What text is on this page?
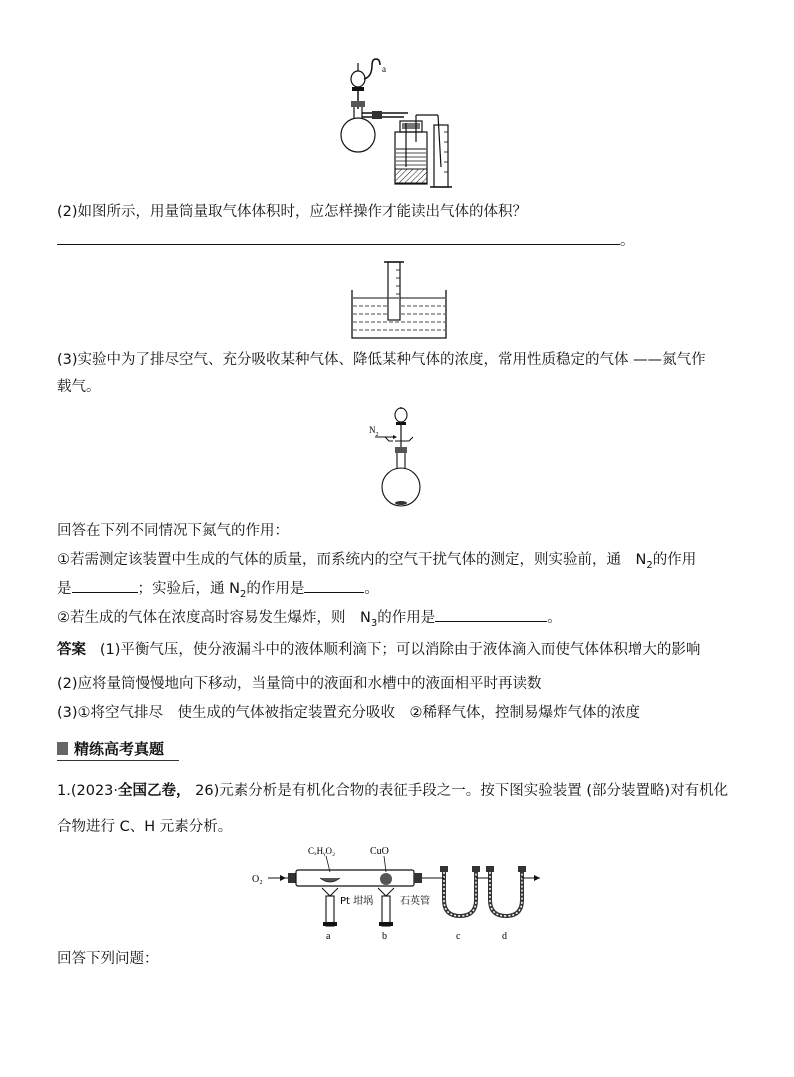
a
(2)如图所示，用量筒量取气体体积时，应怎样操作才能读出气体的体积？
。
(3)实验中为了排尽空气、充分吸收某种气体、降低某种气体的浓度，常用性质稳定的气体 ——氮气作
载气。
$N_2$
回答在下列不同情况下氮气的作用：
①若需测定该装置中生成的气体的质量，而系统内的空气干扰气体的测定，则实验前，通　$N_2$的作用
是	；实验后，通 $N_2$的作用是	。
②若生成的气体在浓度高时容易发生爆炸，则　$N_3$的作用是	。
答案 (1)平衡气压，使分液漏斗中的液体顺利滴下；可以消除由于液体滴入而使气体体积增大的影响
(2)应将量筒慢慢地向下移动，当量筒中的液面和水槽中的液面相平时再读数
(3)①将空气排尽　使生成的气体被指定装置充分吸收　②稀释气体，控制易爆炸气体的浓度
精练高考真题
1.(2023·全国乙卷， 26)元素分析是有机化合物的表征手段之一。按下图实验装置 (部分装置略)对有机化
合物进行 C、H 元素分析。
O₂
CₓHᵧO₂	CuO
Pt 坩埚	石英管
a	b	c	d
回答下列问题：
